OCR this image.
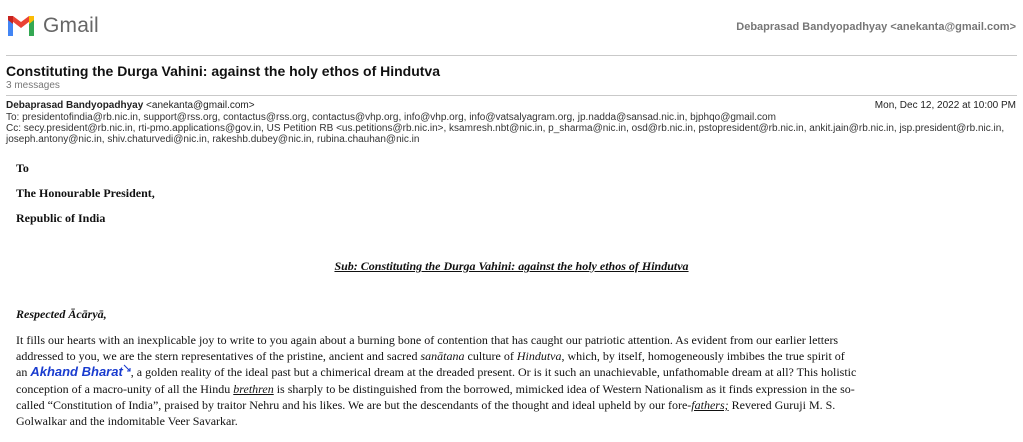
Gmail	Debaprasad Bandyopadhyay <anekanta@gmail.com>
Constituting the Durga Vahini: against the holy ethos of Hindutva
3 messages
Debaprasad Bandyopadhyay <anekanta@gmail.com>	Mon, Dec 12, 2022 at 10:00 PM
To: presidentofindia@rb.nic.in, support@rss.org, contactus@rss.org, contactus@vhp.org, info@vhp.org, info@vatsalyagram.org, jp.nadda@sansad.nic.in, bjphqo@gmail.com
Cc: secy.president@rb.nic.in, rti-pmo.applications@gov.in, US Petition RB <us.petitions@rb.nic.in>, ksamresh.nbt@nic.in, p_sharma@nic.in, osd@rb.nic.in, pstopresident@rb.nic.in, ankit.jain@rb.nic.in, jsp.president@rb.nic.in,
joseph.antony@nic.in, shiv.chaturvedi@nic.in, rakeshb.dubey@nic.in, rubina.chauhan@nic.in
To
The Honourable President,
Republic of India
Sub: Constituting the Durga Vahini: against the holy ethos of Hindutva
Respected Ācāryā,
It fills our hearts with an inexplicable joy to write to you again about a burning bone of contention that has caught our patriotic attention. As evident from our earlier letters
addressed to you, we are the stern representatives of the pristine, ancient and sacred sanātana culture of Hindutva, which, by itself, homogeneously imbibes the true spirit of
an Akhand Bharat , a golden reality of the ideal past but a chimerical dream at the dreaded present. Or is it such an unachievable, unfathomable dream at all? This holistic
conception of a macro-unity of all the Hindu brethren is sharply to be distinguished from the borrowed, mimicked idea of Western Nationalism as it finds expression in the so-
called “Constitution of India”, praised by traitor Nehru and his likes. We are but the descendants of the thought and ideal upheld by our fore-fathers; Revered Guruji M. S.
Golwalkar and the indomitable Veer Savarkar.
